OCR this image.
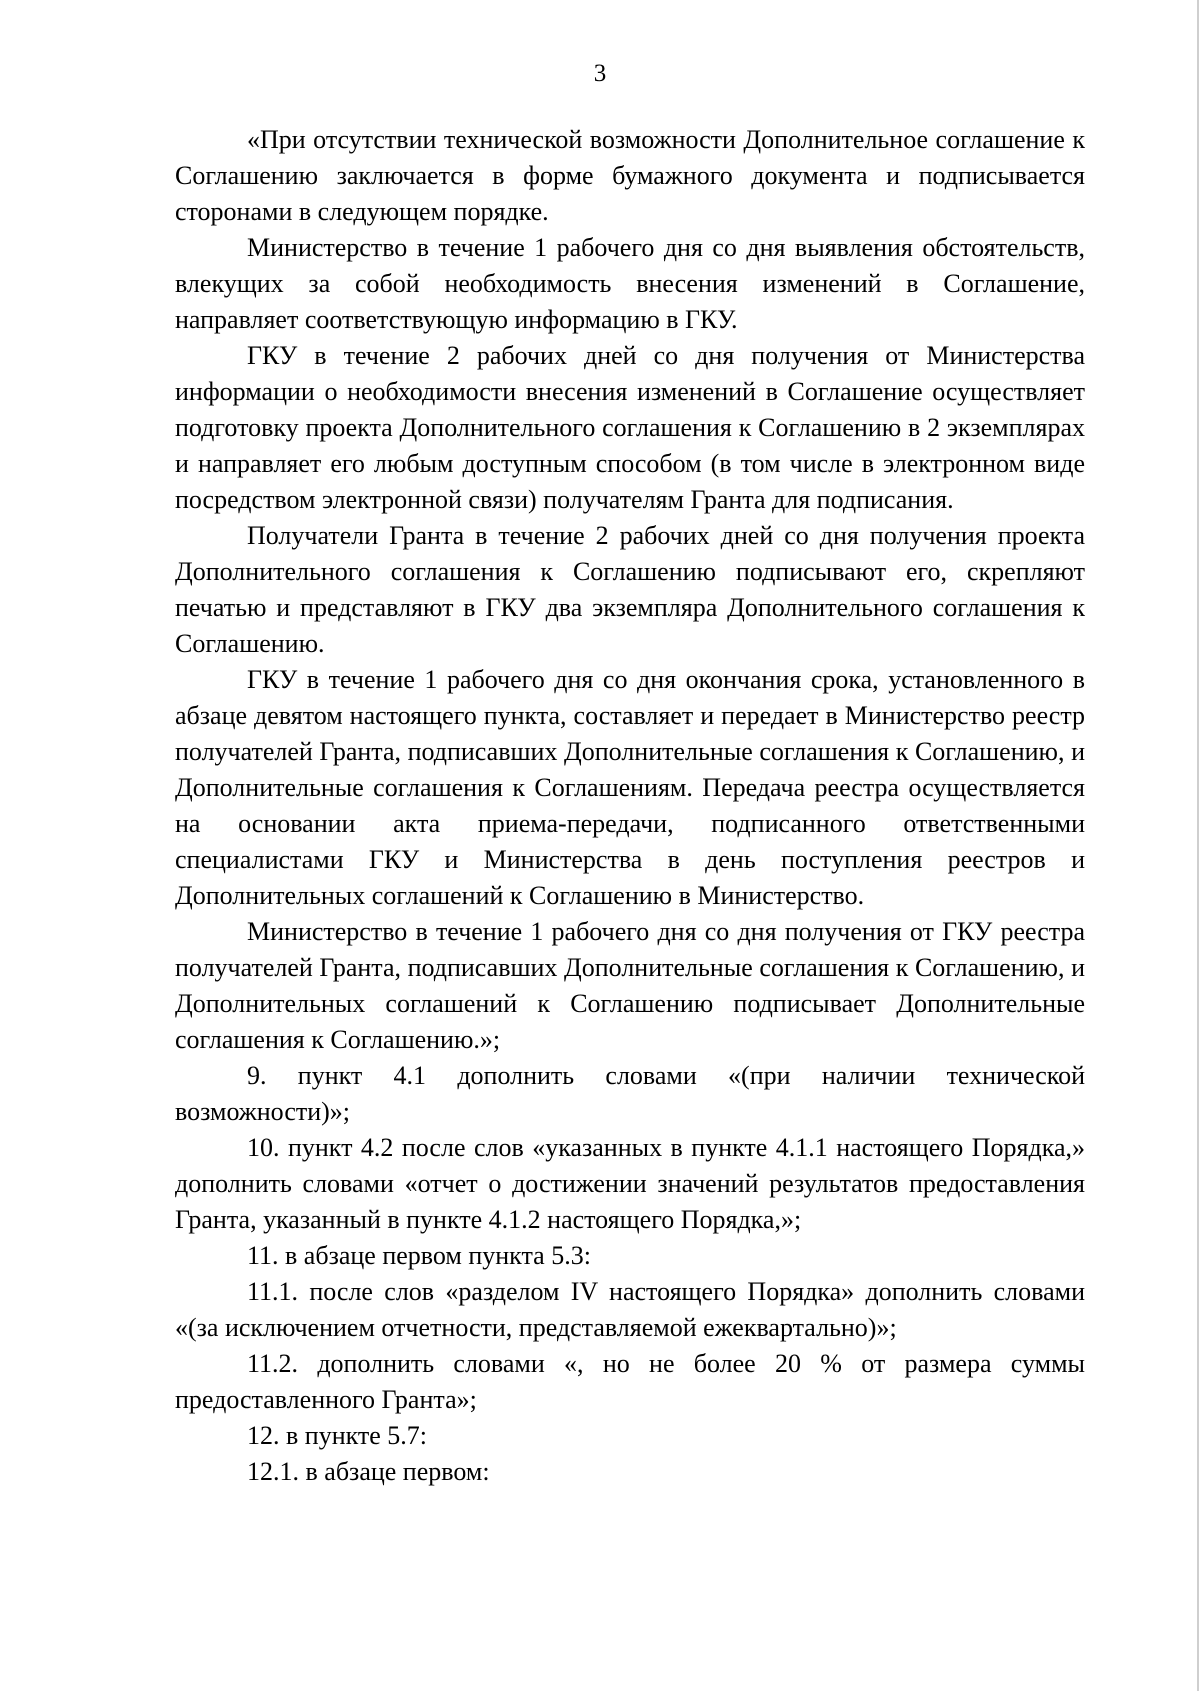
3

«При отсутствии технической возможности Дополнительное соглашение к Соглашению заключается в форме бумажного документа и подписывается сторонами в следующем порядке.

Министерство в течение 1 рабочего дня со дня выявления обстоятельств, влекущих за собой необходимость внесения изменений в Соглашение, направляет соответствующую информацию в ГКУ.

ГКУ в течение 2 рабочих дней со дня получения от Министерства информации о необходимости внесения изменений в Соглашение осуществляет подготовку проекта Дополнительного соглашения к Соглашению в 2 экземплярах и направляет его любым доступным способом (в том числе в электронном виде посредством электронной связи) получателям Гранта для подписания.

Получатели Гранта в течение 2 рабочих дней со дня получения проекта Дополнительного соглашения к Соглашению подписывают его, скрепляют печатью и представляют в ГКУ два экземпляра Дополнительного соглашения к Соглашению.

ГКУ в течение 1 рабочего дня со дня окончания срока, установленного в абзаце девятом настоящего пункта, составляет и передает в Министерство реестр получателей Гранта, подписавших Дополнительные соглашения к Соглашению, и Дополнительные соглашения к Соглашениям. Передача реестра осуществляется на основании акта приема-передачи, подписанного ответственными специалистами ГКУ и Министерства в день поступления реестров и Дополнительных соглашений к Соглашению в Министерство.

Министерство в течение 1 рабочего дня со дня получения от ГКУ реестра получателей Гранта, подписавших Дополнительные соглашения к Соглашению, и Дополнительных соглашений к Соглашению подписывает Дополнительные соглашения к Соглашению.»;

9. пункт 4.1 дополнить словами «(при наличии технической возможности)»;

10. пункт 4.2 после слов «указанных в пункте 4.1.1 настоящего Порядка,» дополнить словами «отчет о достижении значений результатов предоставления Гранта, указанный в пункте 4.1.2 настоящего Порядка,»;

11. в абзаце первом пункта 5.3:

11.1. после слов «разделом IV настоящего Порядка» дополнить словами «(за исключением отчетности, представляемой ежеквартально)»;

11.2. дополнить словами «, но не более 20 % от размера суммы предоставленного Гранта»;

12. в пункте 5.7:

12.1. в абзаце первом:
